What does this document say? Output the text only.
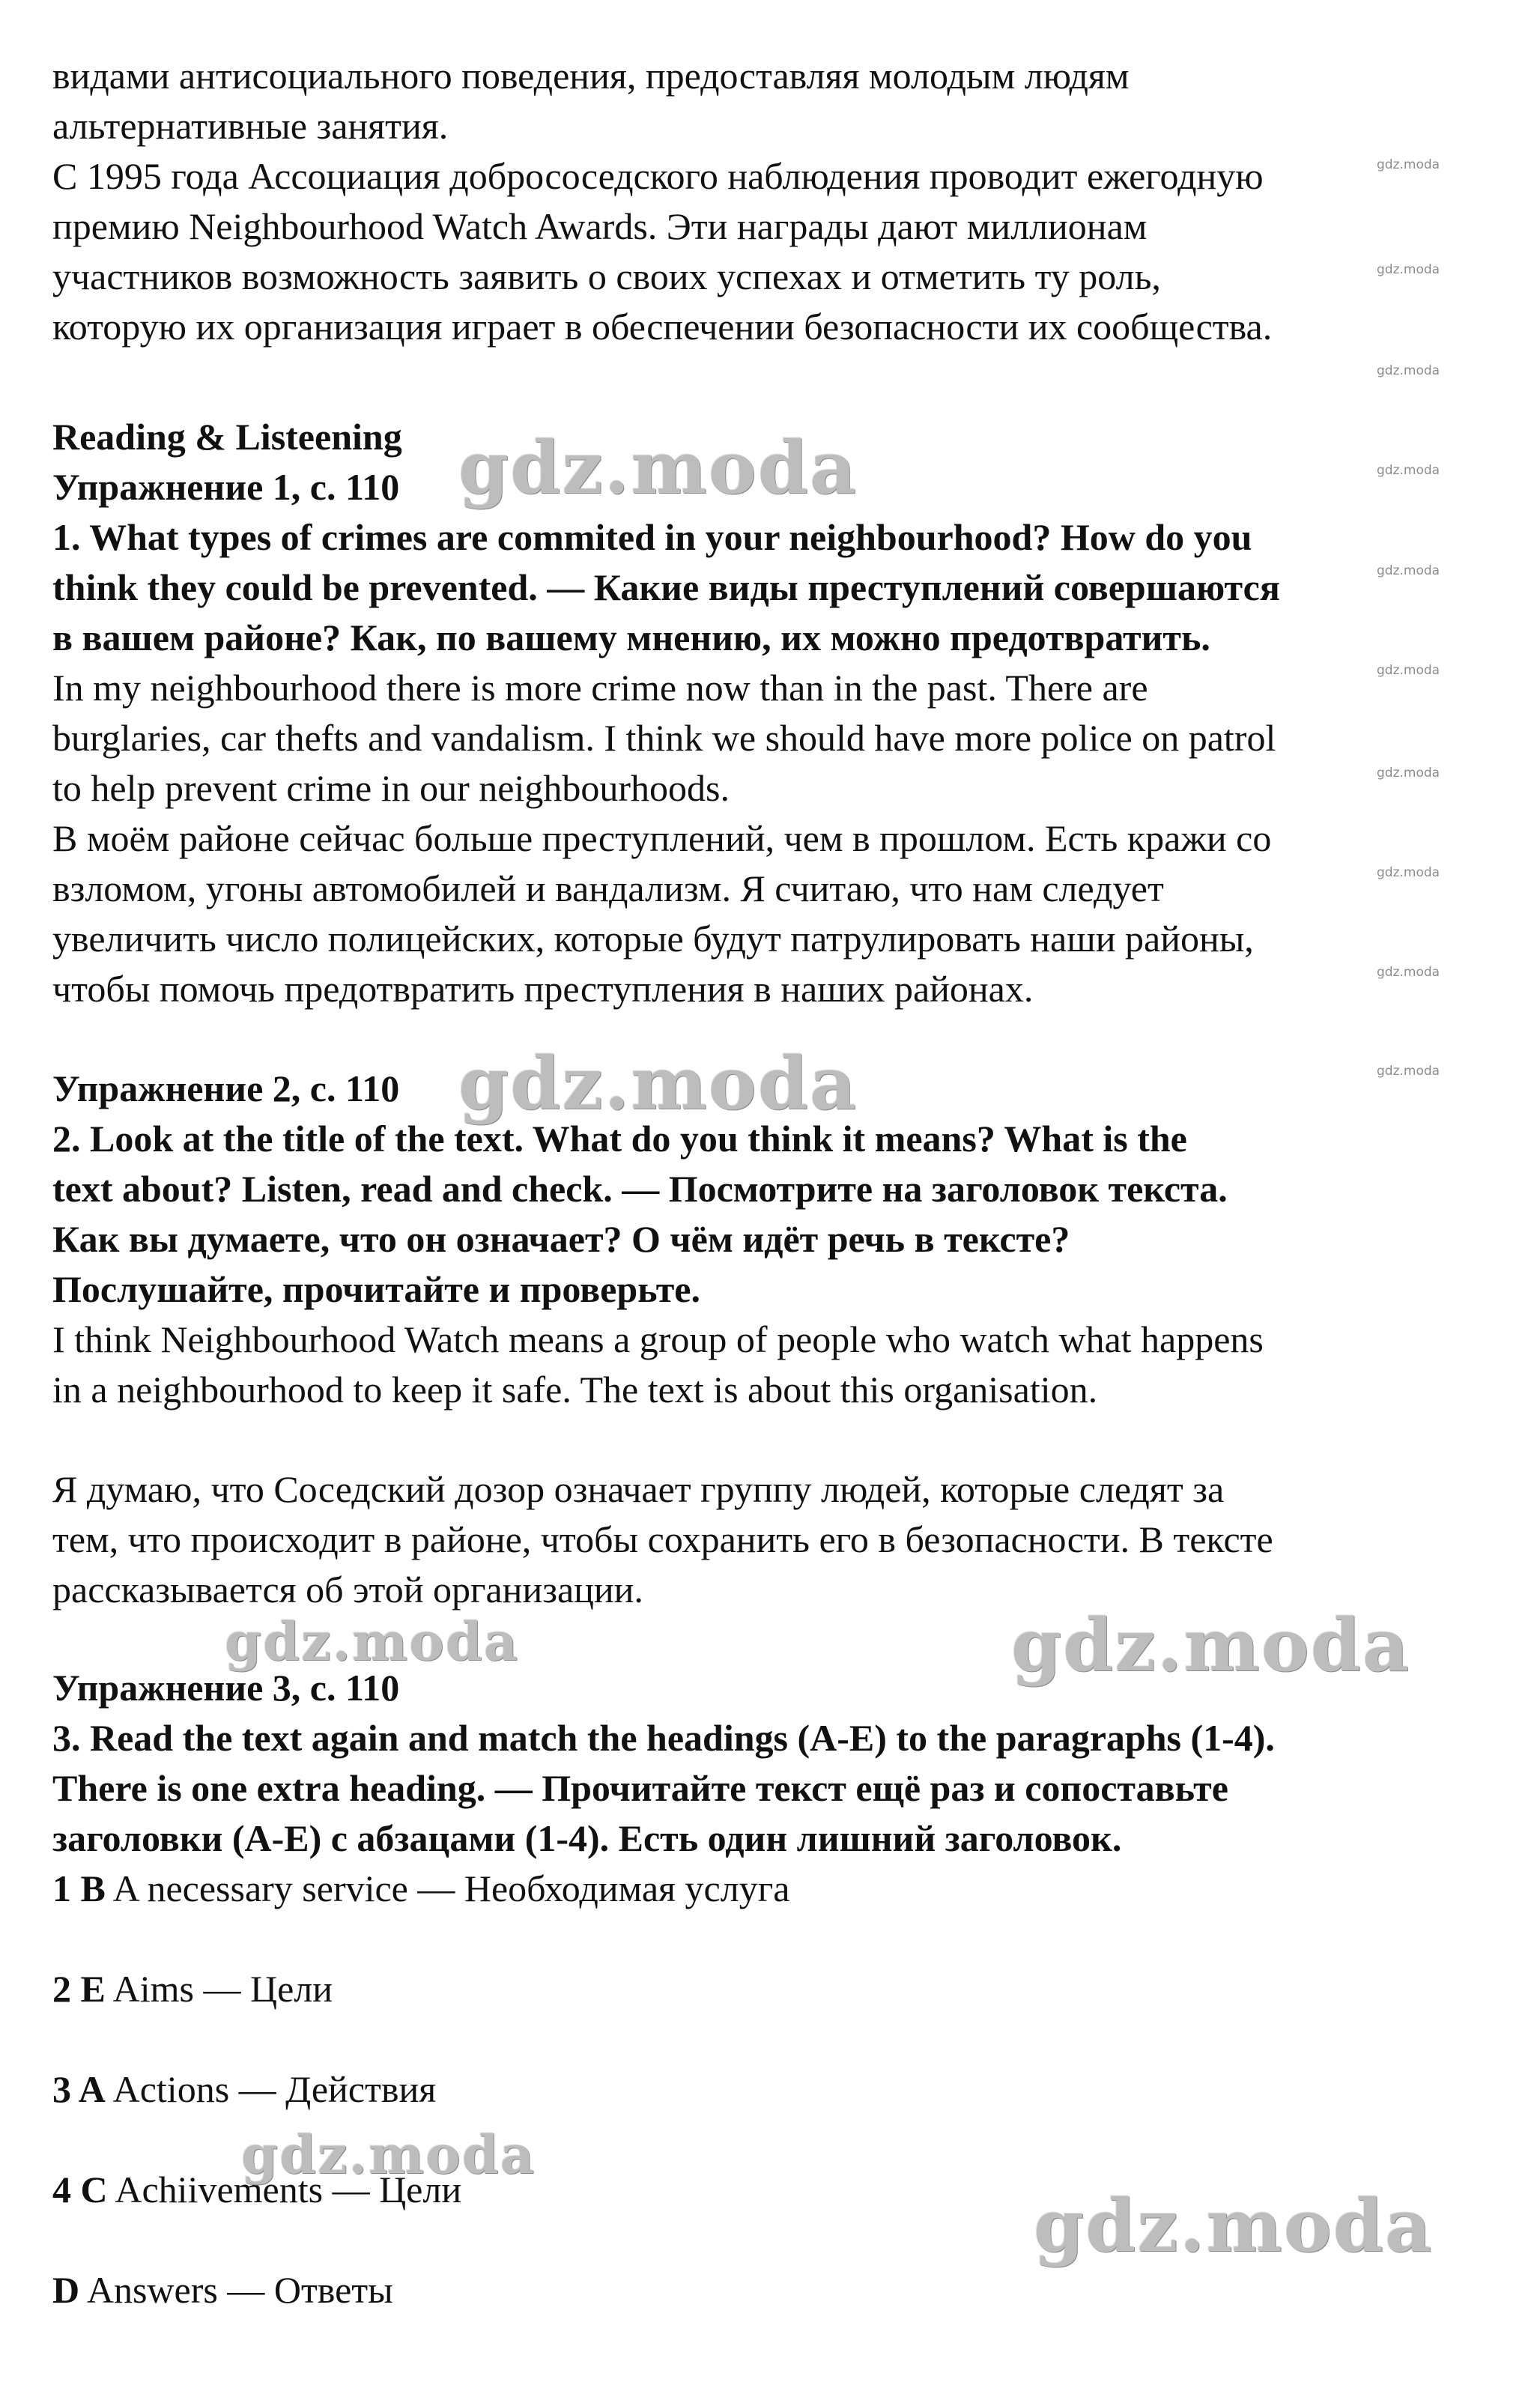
видами антисоциального поведения, предоставляя молодым людям
альтернативные занятия.
С 1995 года Ассоциация добрососедского наблюдения проводит ежегодную
премию Neighbourhood Watch Awards. Эти награды дают миллионам
участников возможность заявить о своих успехах и отметить ту роль,
которую их организация играет в обеспечении безопасности их сообщества.
Reading & Listeening
Упражнение 1, с. 110
1. What types of crimes are commited in your neighbourhood? How do you
think they could be prevented. — Какие виды преступлений совершаются
в вашем районе? Как, по вашему мнению, их можно предотвратить.
In my neighbourhood there is more crime now than in the past. There are
burglaries, car thefts and vandalism. I think we should have more police on patrol
to help prevent crime in our neighbourhoods.
В моём районе сейчас больше преступлений, чем в прошлом. Есть кражи со
взломом, угоны автомобилей и вандализм. Я считаю, что нам следует
увеличить число полицейских, которые будут патрулировать наши районы,
чтобы помочь предотвратить преступления в наших районах.
Упражнение 2, с. 110
2. Look at the title of the text. What do you think it means? What is the
text about? Listen, read and check. — Посмотрите на заголовок текста.
Как вы думаете, что он означает? О чём идёт речь в тексте?
Послушайте, прочитайте и проверьте.
I think Neighbourhood Watch means a group of people who watch what happens
in a neighbourhood to keep it safe. The text is about this organisation.
Я думаю, что Соседский дозор означает группу людей, которые следят за
тем, что происходит в районе, чтобы сохранить его в безопасности. В тексте
рассказывается об этой организации.
Упражнение 3, с. 110
3. Read the text again and match the headings (A-E) to the paragraphs (1-4).
There is one extra heading. — Прочитайте текст ещё раз и сопоставьте
заголовки (A-E) с абзацами (1-4). Есть один лишний заголовок.
1 B A necessary service — Необходимая услуга
2 E Aims — Цели
3 A Actions — Действия
4 C Achiivements — Цели
D Answers — Ответы
gdz.moda
gdz.moda
gdz.moda	gdz.moda
gdz.moda
gdz.moda
gdz.moda
gdz.moda
gdz.moda
gdz.moda
gdz.moda
gdz.moda
gdz.moda
gdz.moda
gdz.moda
gdz.moda
